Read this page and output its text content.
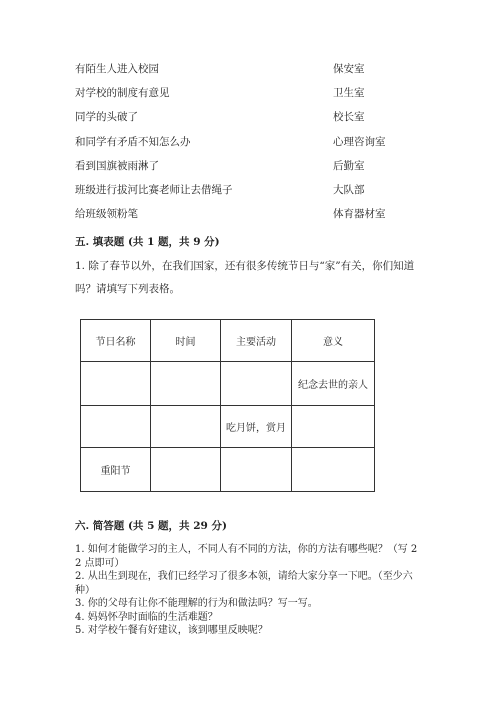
有陌生人进入校园	保安室
对学校的制度有意见	卫生室
同学的头破了	校长室
和同学有矛盾不知怎么办	心理咨询室
看到国旗被雨淋了	后勤室
班级进行拔河比赛老师让去借绳子	大队部
给班级领粉笔	体育器材室
五. 填表题 (共 1 题，共 9 分)
1. 除了春节以外，在我们国家，还有很多传统节日与“家”有关，你们知道
吗？请填写下列表格。
节日名称	时间	主要活动	意义
			纪念去世的亲人
		吃月饼，赏月	
重阳节			
六. 简答题 (共 5 题，共 29 分)
1. 如何才能做学习的主人，不同人有不同的方法，你的方法有哪些呢？（写 2
2 点即可）
2. 从出生到现在，我们已经学习了很多本领，请给大家分享一下吧。（至少六
种）
3. 你的父母有让你不能理解的行为和做法吗？写一写。
4. 妈妈怀孕时面临的生活难题？
5. 对学校午餐有好建议，该到哪里反映呢？
